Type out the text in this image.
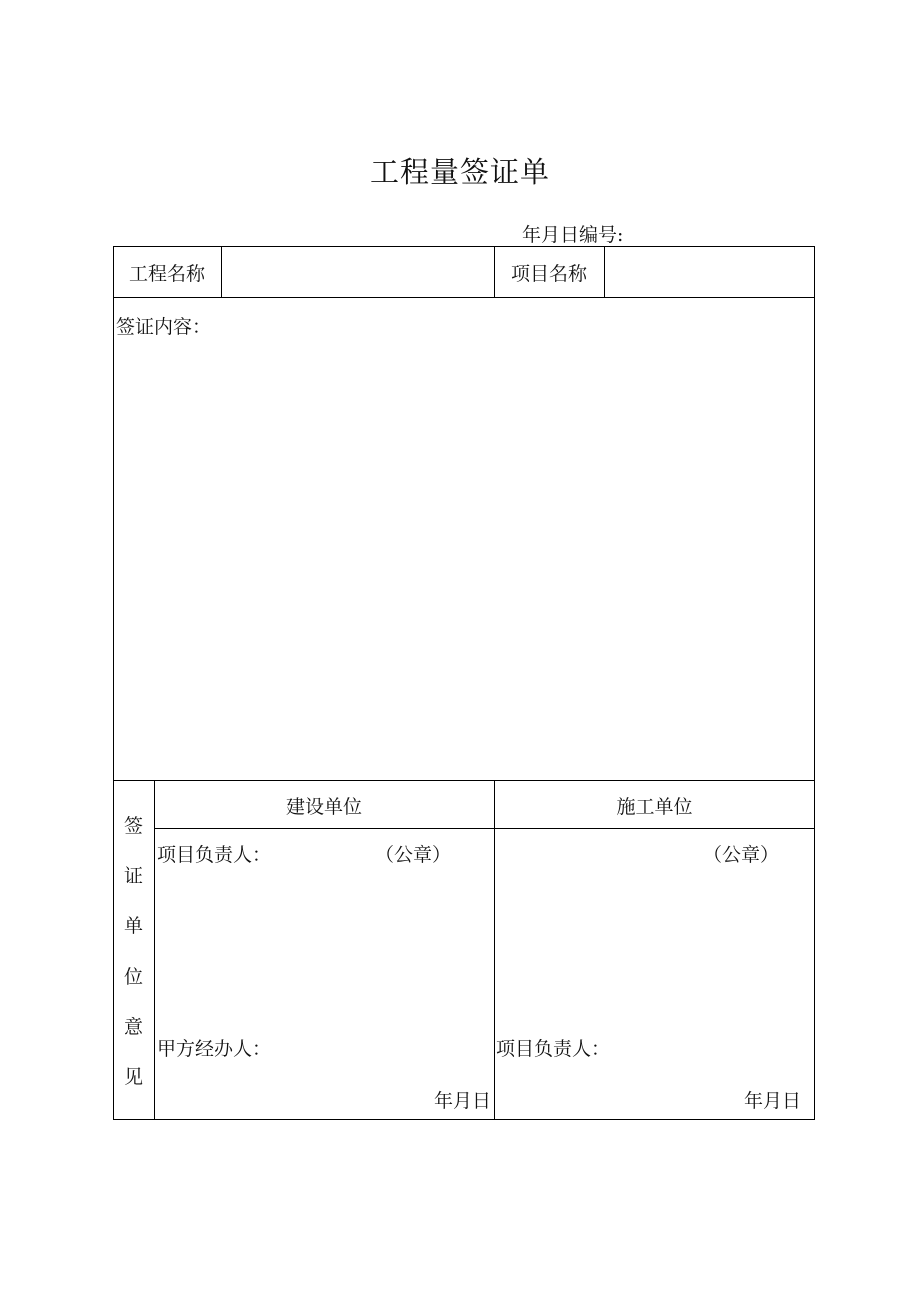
工程量签证单
年月日编号:
工程名称	项目名称
签证内容：
签
证
单
位
意
见
建设单位
项目负责人：	（公章）
甲方经办人：
年月日
施工单位
（公章）
项目负责人：
年月日
